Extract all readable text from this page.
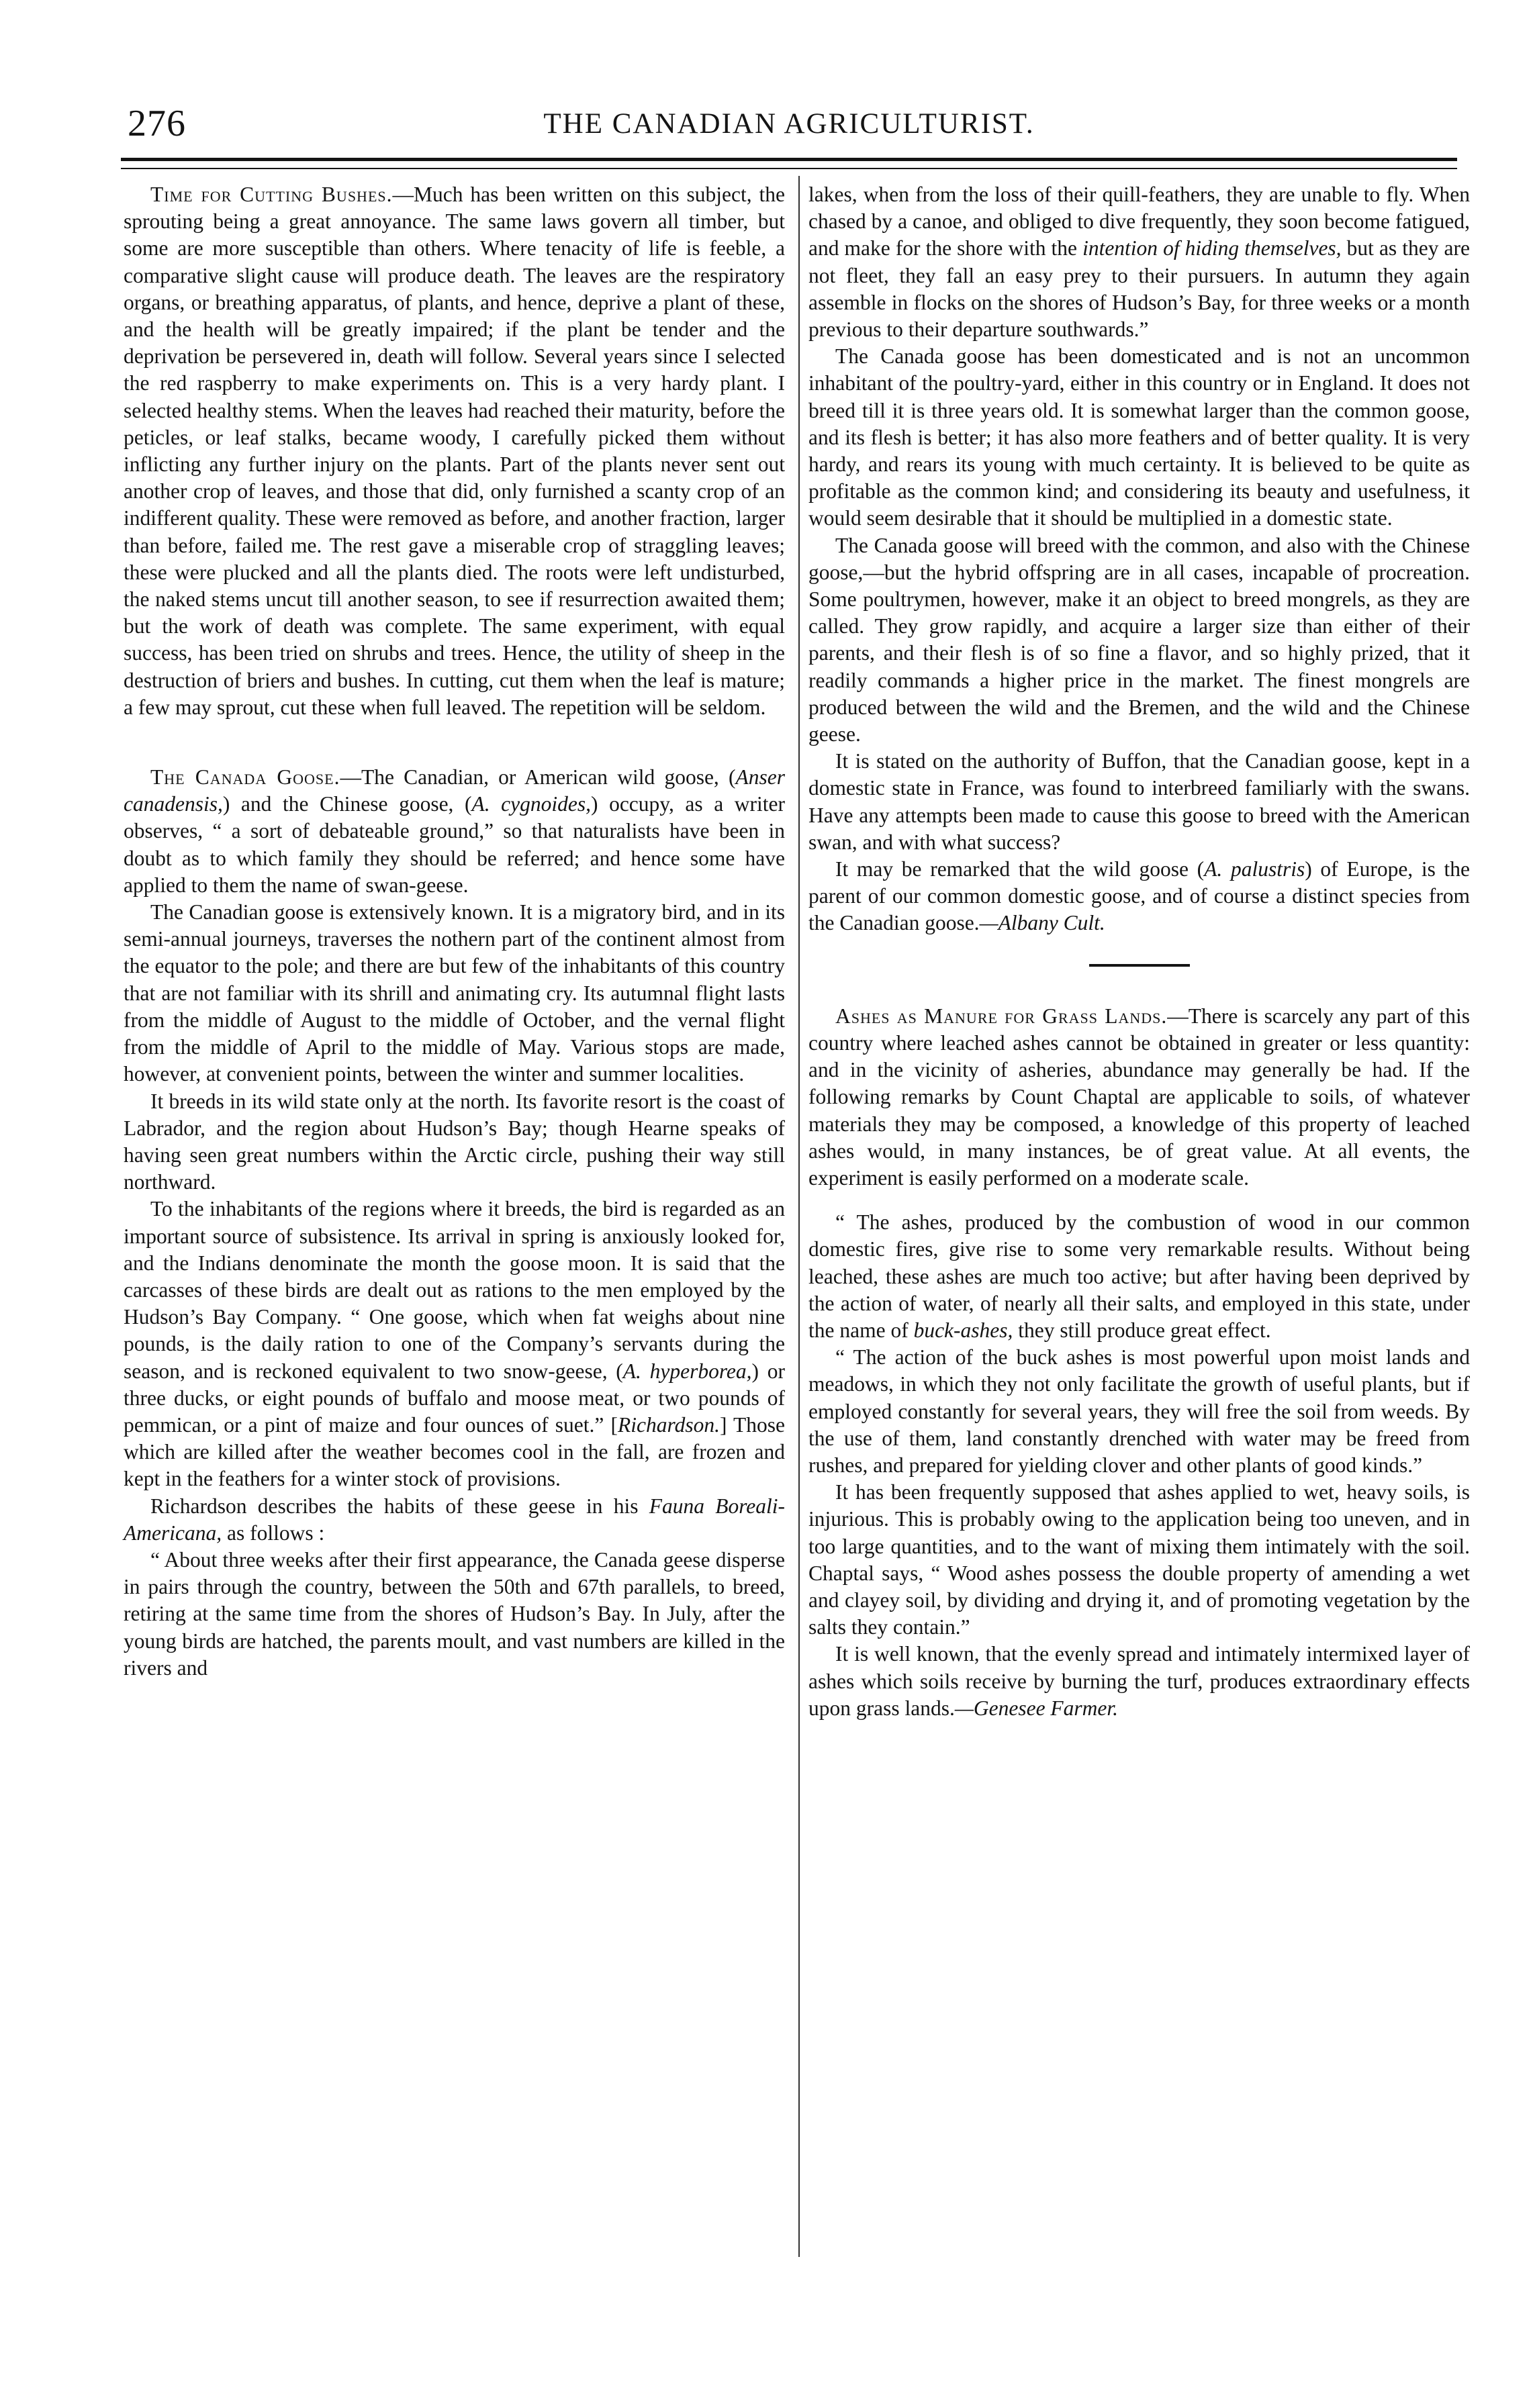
276	THE CANADIAN AGRICULTURIST.

Time for Cutting Bushes.—Much has been written on this subject, the sprouting being a great annoyance. The same laws govern all timber, but some are more susceptible than others. Where tenacity of life is feeble, a comparative slight cause will produce death. The leaves are the respiratory organs, or breathing apparatus, of plants, and hence, deprive a plant of these, and the health will be greatly impaired; if the plant be tender and the deprivation be persevered in, death will follow. Several years since I selected the red raspberry to make experiments on. This is a very hardy plant. I selected healthy stems. When the leaves had reached their maturity, before the peticles, or leaf stalks, became woody, I carefully picked them without inflicting any further injury on the plants. Part of the plants never sent out another crop of leaves, and those that did, only furnished a scanty crop of an indifferent quality. These were removed as before, and another fraction, larger than before, failed me. The rest gave a miserable crop of straggling leaves; these were plucked and all the plants died. The roots were left undisturbed, the naked stems uncut till another season, to see if resurrection awaited them; but the work of death was complete. The same experiment, with equal success, has been tried on shrubs and trees. Hence, the utility of sheep in the destruction of briers and bushes. In cutting, cut them when the leaf is mature; a few may sprout, cut these when full leaved. The repetition will be seldom.

The Canada Goose.—The Canadian, or American wild goose, (Anser canadensis,) and the Chinese goose, (A. cygnoides,) occupy, as a writer observes, “ a sort of debateable ground,” so that naturalists have been in doubt as to which family they should be referred; and hence some have applied to them the name of swan-geese.

The Canadian goose is extensively known. It is a migratory bird, and in its semi-annual journeys, traverses the nothern part of the continent almost from the equator to the pole; and there are but few of the inhabitants of this country that are not familiar with its shrill and animating cry. Its autumnal flight lasts from the middle of August to the middle of October, and the vernal flight from the middle of April to the middle of May. Various stops are made, however, at convenient points, between the winter and summer localities.

It breeds in its wild state only at the north. Its favorite resort is the coast of Labrador, and the region about Hudson’s Bay; though Hearne speaks of having seen great numbers within the Arctic circle, pushing their way still northward.

To the inhabitants of the regions where it breeds, the bird is regarded as an important source of subsistence. Its arrival in spring is anxiously looked for, and the Indians denominate the month the goose moon. It is said that the carcasses of these birds are dealt out as rations to the men employed by the Hudson’s Bay Company. “ One goose, which when fat weighs about nine pounds, is the daily ration to one of the Company’s servants during the season, and is reckoned equivalent to two snow-geese, (A. hyperborea,) or three ducks, or eight pounds of buffalo and moose meat, or two pounds of pemmican, or a pint of maize and four ounces of suet.” [Richardson.] Those which are killed after the weather becomes cool in the fall, are frozen and kept in the feathers for a winter stock of provisions.

Richardson describes the habits of these geese in his Fauna Boreali-Americana, as follows :

“ About three weeks after their first appearance, the Canada geese disperse in pairs through the country, between the 50th and 67th parallels, to breed, retiring at the same time from the shores of Hudson’s Bay. In July, after the young birds are hatched, the parents moult, and vast numbers are killed in the rivers and

lakes, when from the loss of their quill-feathers, they are unable to fly. When chased by a canoe, and obliged to dive frequently, they soon become fatigued, and make for the shore with the intention of hiding themselves, but as they are not fleet, they fall an easy prey to their pursuers. In autumn they again assemble in flocks on the shores of Hudson’s Bay, for three weeks or a month previous to their departure southwards.”

The Canada goose has been domesticated and is not an uncommon inhabitant of the poultry-yard, either in this country or in England. It does not breed till it is three years old. It is somewhat larger than the common goose, and its flesh is better; it has also more feathers and of better quality. It is very hardy, and rears its young with much certainty. It is believed to be quite as profitable as the common kind; and considering its beauty and usefulness, it would seem desirable that it should be multiplied in a domestic state.

The Canada goose will breed with the common, and also with the Chinese goose,—but the hybrid offspring are in all cases, incapable of procreation. Some poultrymen, however, make it an object to breed mongrels, as they are called. They grow rapidly, and acquire a larger size than either of their parents, and their flesh is of so fine a flavor, and so highly prized, that it readily commands a higher price in the market. The finest mongrels are produced between the wild and the Bremen, and the wild and the Chinese geese.

It is stated on the authority of Buffon, that the Canadian goose, kept in a domestic state in France, was found to interbreed familiarly with the swans. Have any attempts been made to cause this goose to breed with the American swan, and with what success?

It may be remarked that the wild goose (A. palustris) of Europe, is the parent of our common domestic goose, and of course a distinct species from the Canadian goose.—Albany Cult.

Ashes as Manure for Grass Lands.—There is scarcely any part of this country where leached ashes cannot be obtained in greater or less quantity: and in the vicinity of asheries, abundance may generally be had. If the following remarks by Count Chaptal are applicable to soils, of whatever materials they may be composed, a knowledge of this property of leached ashes would, in many instances, be of great value. At all events, the experiment is easily performed on a moderate scale.

“ The ashes, produced by the combustion of wood in our common domestic fires, give rise to some very remarkable results. Without being leached, these ashes are much too active; but after having been deprived by the action of water, of nearly all their salts, and employed in this state, under the name of buck-ashes, they still produce great effect.

“ The action of the buck ashes is most powerful upon moist lands and meadows, in which they not only facilitate the growth of useful plants, but if employed constantly for several years, they will free the soil from weeds. By the use of them, land constantly drenched with water may be freed from rushes, and prepared for yielding clover and other plants of good kinds.”

It has been frequently supposed that ashes applied to wet, heavy soils, is injurious. This is probably owing to the application being too uneven, and in too large quantities, and to the want of mixing them intimately with the soil. Chaptal says, “ Wood ashes possess the double property of amending a wet and clayey soil, by dividing and drying it, and of promoting vegetation by the salts they contain.”

It is well known, that the evenly spread and intimately intermixed layer of ashes which soils receive by burning the turf, produces extraordinary effects upon grass lands.—Genesee Farmer.
